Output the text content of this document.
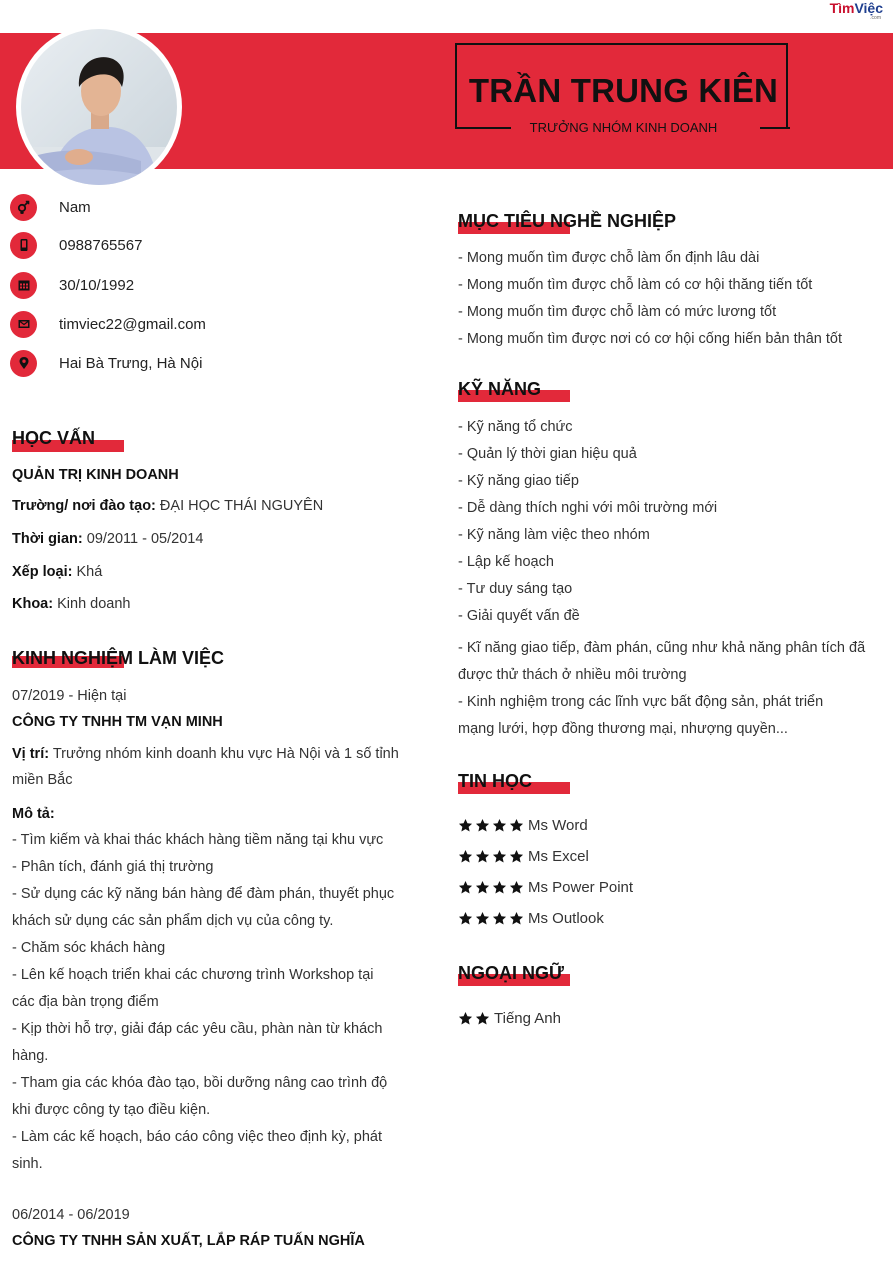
TìmViệc
.com
TRẦN TRUNG KIÊN
TRƯỞNG NHÓM KINH DOANH
Nam
0988765567
30/10/1992
timviec22@gmail.com
Hai Bà Trưng, Hà Nội
HỌC VẤN
QUẢN TRỊ KINH DOANH
Trường/ nơi đào tạo: ĐẠI HỌC THÁI NGUYÊN
Thời gian: 09/2011 - 05/2014
Xếp loại: Khá
Khoa: Kinh doanh
KINH NGHIỆM LÀM VIỆC
07/2019 - Hiện tại
CÔNG TY TNHH TM VẠN MINH
Vị trí: Trưởng nhóm kinh doanh khu vực Hà Nội và 1 số tỉnh
miền Bắc
Mô tả:
- Tìm kiếm và khai thác khách hàng tiềm năng tại khu vực
- Phân tích, đánh giá thị trường
- Sử dụng các kỹ năng bán hàng để đàm phán, thuyết phục
khách sử dụng các sản phẩm dịch vụ của công ty.
- Chăm sóc khách hàng
- Lên kế hoạch triển khai các chương trình Workshop tại
các địa bàn trọng điểm
- Kịp thời hỗ trợ, giải đáp các yêu cầu, phàn nàn từ khách
hàng.
- Tham gia các khóa đào tạo, bồi dưỡng nâng cao trình độ
khi được công ty tạo điều kiện.
- Làm các kế hoạch, báo cáo công việc theo định kỳ, phát
sinh.
06/2014 - 06/2019
CÔNG TY TNHH SẢN XUẤT, LẮP RÁP TUẤN NGHĨA
MỤC TIÊU NGHỀ NGHIỆP
- Mong muốn tìm được chỗ làm ổn định lâu dài
- Mong muốn tìm được chỗ làm có cơ hội thăng tiến tốt
- Mong muốn tìm được chỗ làm có mức lương tốt
- Mong muốn tìm được nơi có cơ hội cống hiến bản thân tốt
KỸ NĂNG
- Kỹ năng tổ chức
- Quản lý thời gian hiệu quả
- Kỹ năng giao tiếp
- Dễ dàng thích nghi với môi trường mới
- Kỹ năng làm việc theo nhóm
- Lập kế hoạch
- Tư duy sáng tạo
- Giải quyết vấn đề
- Kĩ năng giao tiếp, đàm phán, cũng như khả năng phân tích đã
được thử thách ở nhiều môi trường
- Kinh nghiệm trong các lĩnh vực bất động sản, phát triển
mạng lưới, hợp đồng thương mại, nhượng quyền...
TIN HỌC
Ms Word
Ms Excel
Ms Power Point
Ms Outlook
NGOẠI NGỮ
Tiếng Anh
